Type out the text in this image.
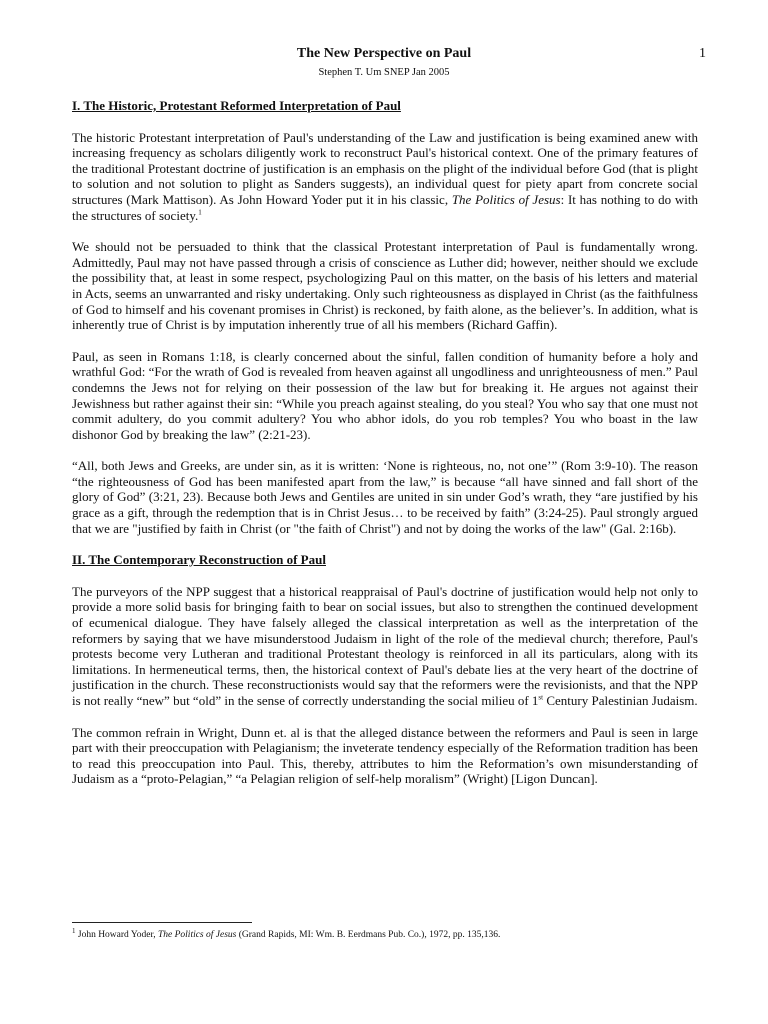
The New Perspective on Paul	1
Stephen T. Um SNEP Jan 2005
I. The Historic, Protestant Reformed Interpretation of Paul

The historic Protestant interpretation of Paul's understanding of the Law and justification is being examined anew with increasing frequency as scholars diligently work to reconstruct Paul's historical context. One of the primary features of the traditional Protestant doctrine of justification is an emphasis on the plight of the individual before God (that is plight to solution and not solution to plight as Sanders suggests), an individual quest for piety apart from concrete social structures (Mark Mattison). As John Howard Yoder put it in his classic, The Politics of Jesus: It has nothing to do with the structures of society.$^1$

We should not be persuaded to think that the classical Protestant interpretation of Paul is fundamentally wrong. Admittedly, Paul may not have passed through a crisis of conscience as Luther did; however, neither should we exclude the possibility that, at least in some respect, psychologizing Paul on this matter, on the basis of his letters and material in Acts, seems an unwarranted and risky undertaking. Only such righteousness as displayed in Christ (as the faithfulness of God to himself and his covenant promises in Christ) is reckoned, by faith alone, as the believer’s. In addition, what is inherently true of Christ is by imputation inherently true of all his members (Richard Gaffin).

Paul, as seen in Romans 1:18, is clearly concerned about the sinful, fallen condition of humanity before a holy and wrathful God: “For the wrath of God is revealed from heaven against all ungodliness and unrighteousness of men.” Paul condemns the Jews not for relying on their possession of the law but for breaking it. He argues not against their Jewishness but rather against their sin: “While you preach against stealing, do you steal? You who say that one must not commit adultery, do you commit adultery? You who abhor idols, do you rob temples? You who boast in the law dishonor God by breaking the law” (2:21-23).

“All, both Jews and Greeks, are under sin, as it is written: ‘None is righteous, no, not one’” (Rom 3:9-10). The reason “the righteousness of God has been manifested apart from the law,” is because “all have sinned and fall short of the glory of God” (3:21, 23). Because both Jews and Gentiles are united in sin under God’s wrath, they “are justified by his grace as a gift, through the redemption that is in Christ Jesus… to be received by faith” (3:24-25). Paul strongly argued that we are "justified by faith in Christ (or "the faith of Christ") and not by doing the works of the law" (Gal. 2:16b).

II. The Contemporary Reconstruction of Paul

The purveyors of the NPP suggest that a historical reappraisal of Paul's doctrine of justification would help not only to provide a more solid basis for bringing faith to bear on social issues, but also to strengthen the continued development of ecumenical dialogue. They have falsely alleged the classical interpretation as well as the interpretation of the reformers by saying that we have misunderstood Judaism in light of the role of the medieval church; therefore, Paul's protests become very Lutheran and traditional Protestant theology is reinforced in all its particulars, along with its limitations. In hermeneutical terms, then, the historical context of Paul's debate lies at the very heart of the doctrine of justification in the church. These reconstructionists would say that the reformers were the revisionists, and that the NPP is not really “new” but “old” in the sense of correctly understanding the social milieu of 1st Century Palestinian Judaism.

The common refrain in Wright, Dunn et. al is that the alleged distance between the reformers and Paul is seen in large part with their preoccupation with Pelagianism; the inveterate tendency especially of the Reformation tradition has been to read this preoccupation into Paul. This, thereby, attributes to him the Reformation’s own misunderstanding of Judaism as a “proto-Pelagian,” “a Pelagian religion of self-help moralism” (Wright) [Ligon Duncan].

$^1$ John Howard Yoder, The Politics of Jesus (Grand Rapids, MI: Wm. B. Eerdmans Pub. Co.), 1972, pp. 135,136.
